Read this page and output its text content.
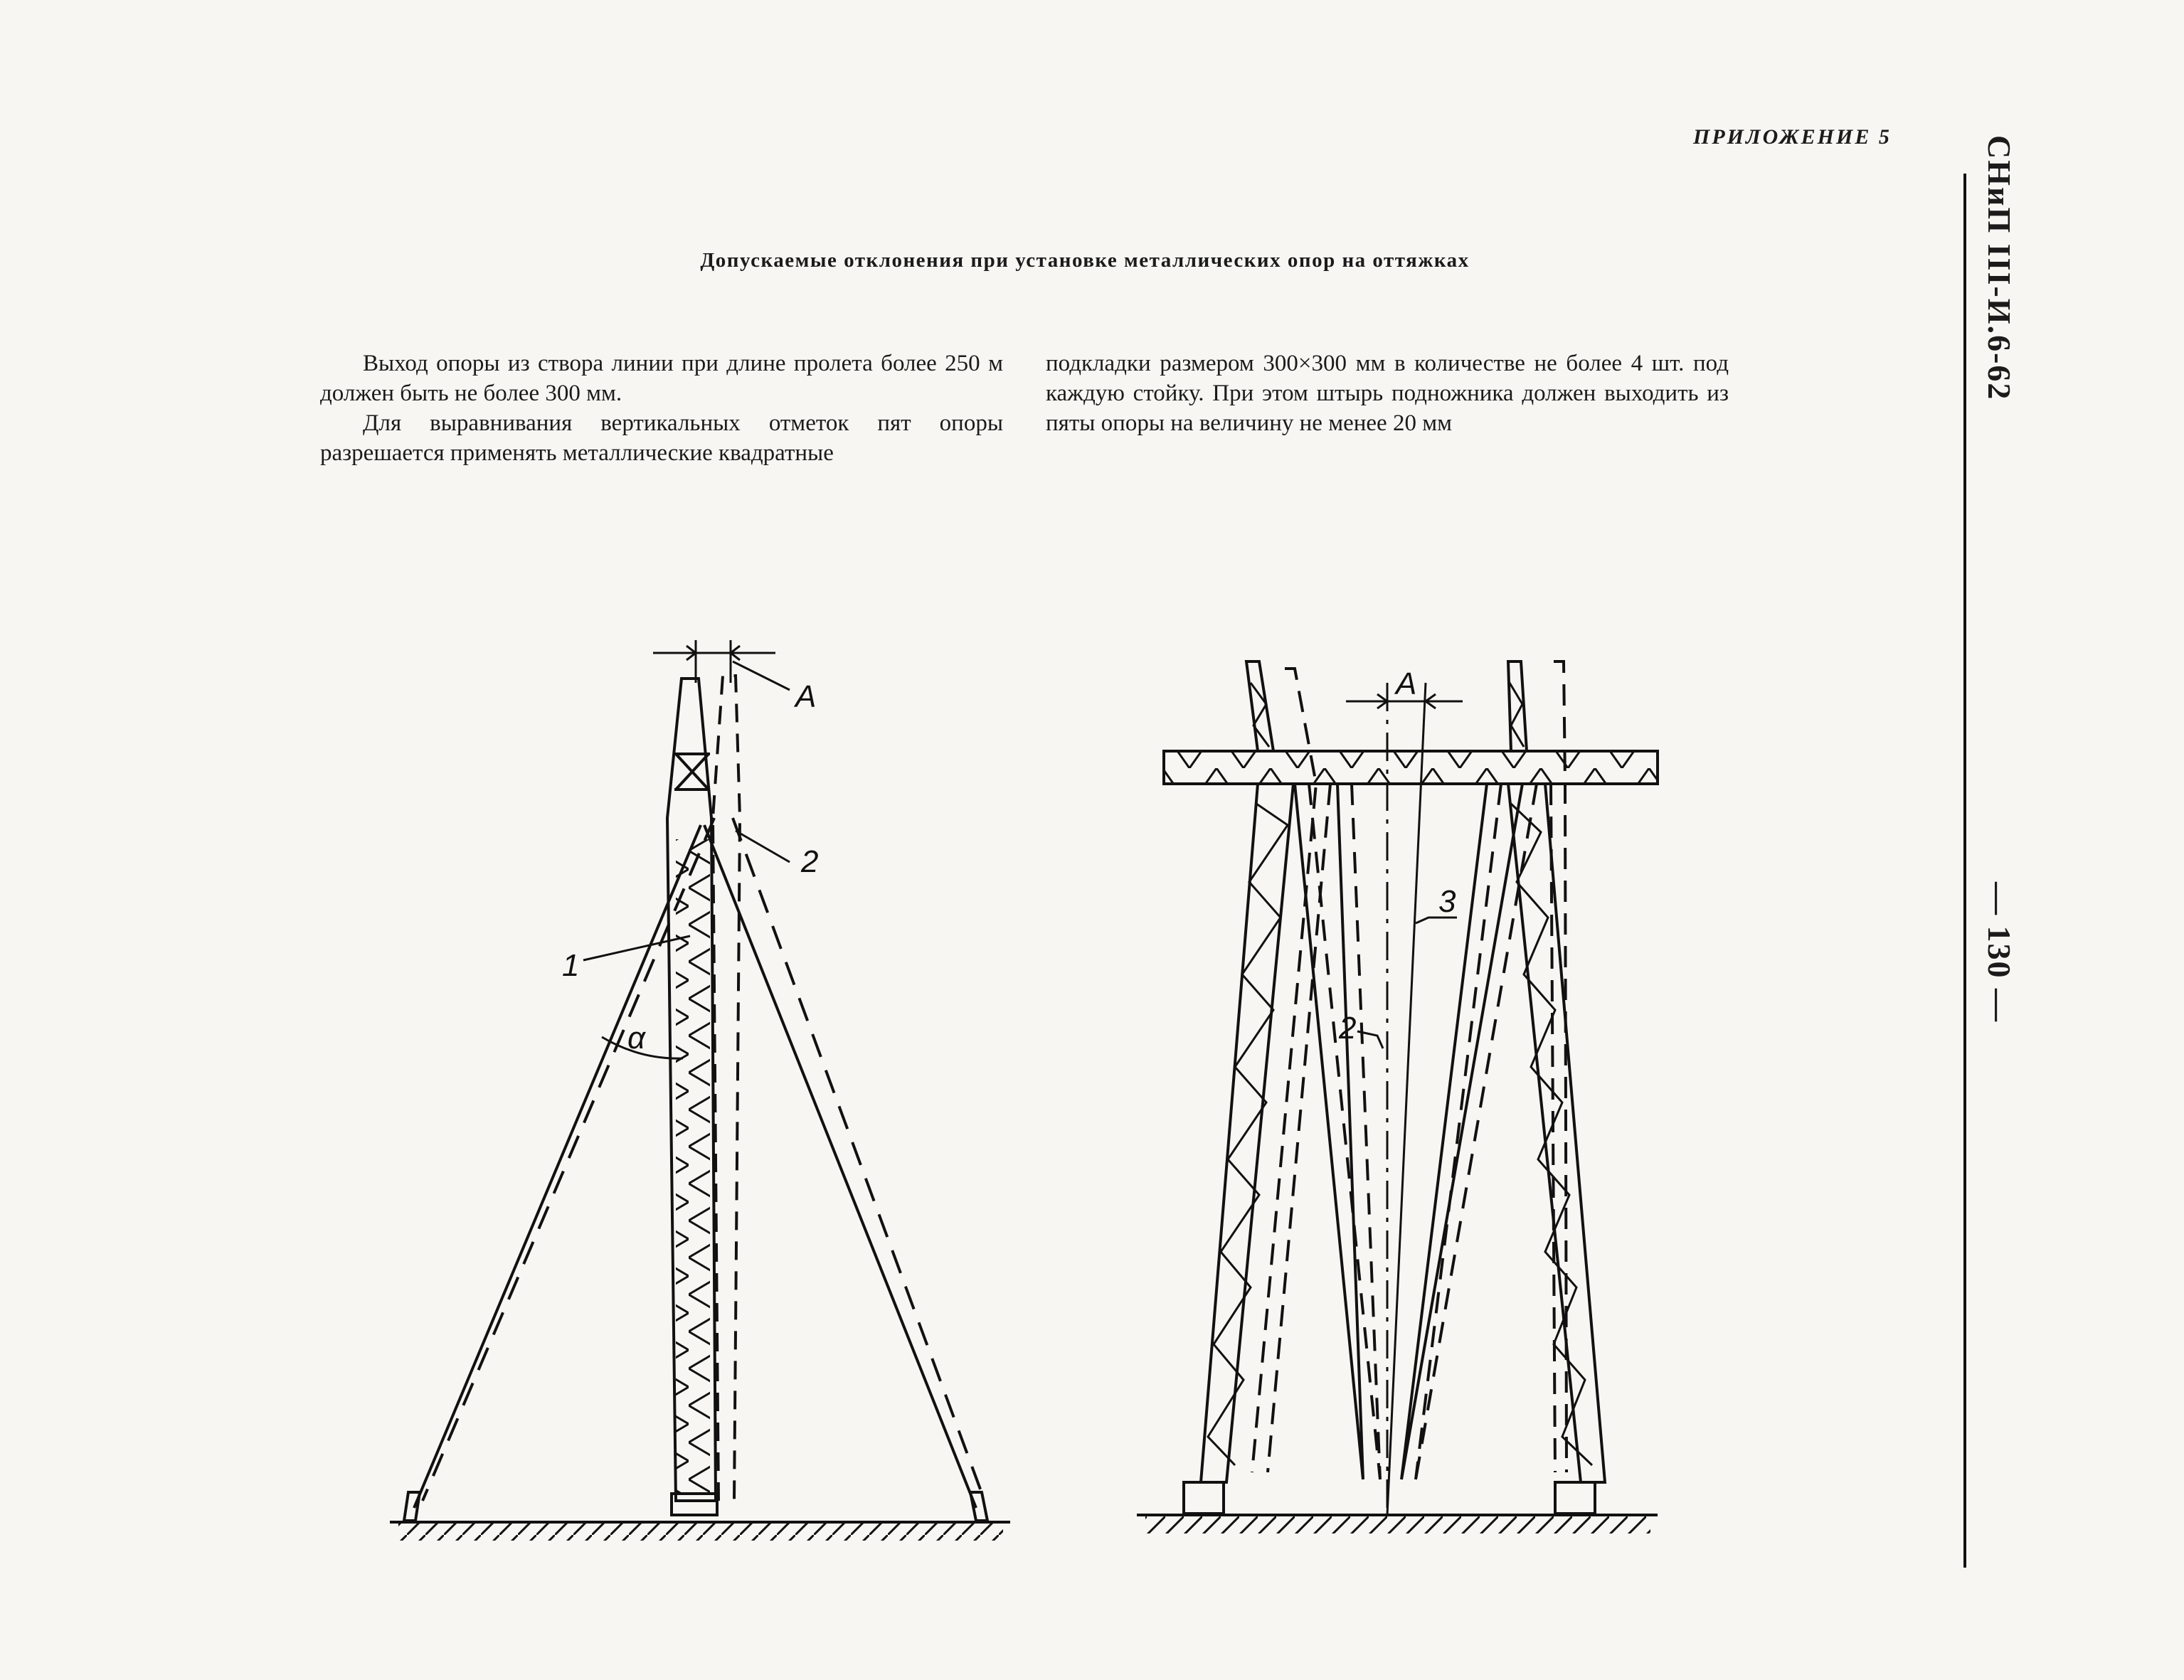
ПРИЛОЖЕНИЕ 5	СНиП III-И.6-62
— 130 —
Допускаемые отклонения при установке металлических опор на оттяжках

Выход опоры из створа линии при длине пролета более 250 м должен быть не более 300 мм.

Для выравнивания вертикальных отметок пят опоры разрешается применять металлические квадратные

подкладки размером 300×300 мм в количестве не более 4 шт. под каждую стойку. При этом штырь подножника должен выходить из пяты опоры на величину не менее 20 мм

A
1
2
α
A
3
2
